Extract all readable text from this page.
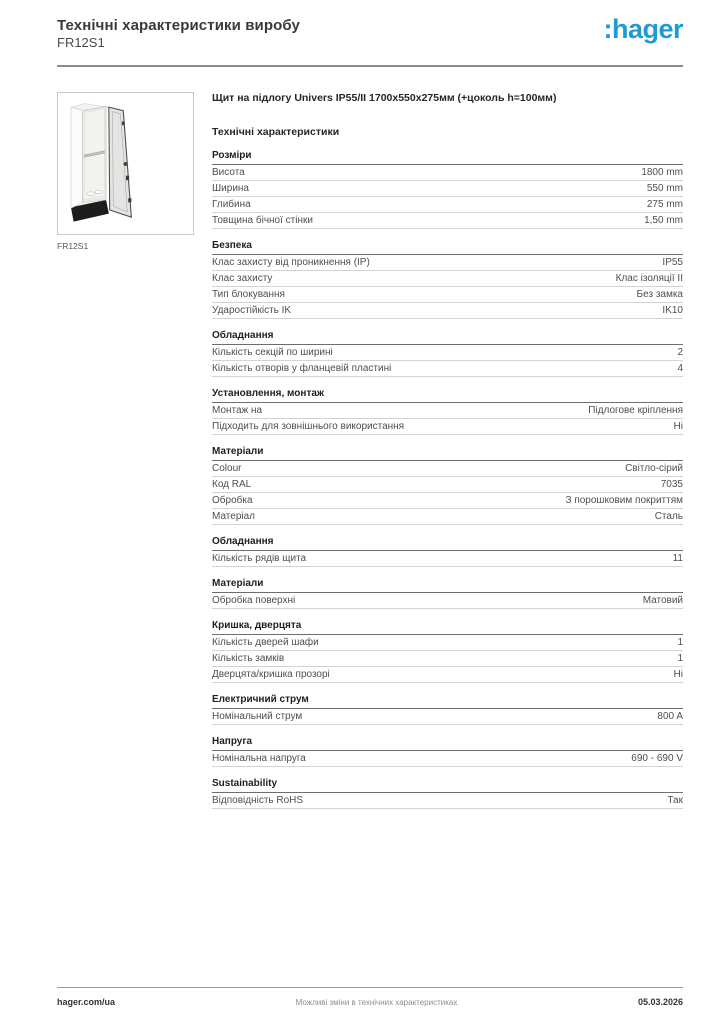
Технічні характеристики виробу
FR12S1	:hager
FR12S1
Щит на підлогу Univers IP55/II 1700x550x275мм (+цоколь h=100мм)
Технічні характеристики
Розміри
Висота	1800 mm
Ширина	550 mm
Глибина	275 mm
Товщина бічної стінки	1,50 mm
Безпека
Клас захисту від проникнення (IP)	IP55
Клас захисту	Клас ізоляції II
Тип блокування	Без замка
Ударостійкість IK	IK10
Обладнання
Кількість секцій по ширині	2
Кількість отворів у фланцевій пластині	4
Установлення, монтаж
Монтаж на	Підлогове кріплення
Підходить для зовнішнього використання	Ні
Матеріали
Colour	Світло-сірий
Код RAL	7035
Обробка	З порошковим покриттям
Матеріал	Сталь
Обладнання
Кількість рядів щита	11
Матеріали
Обробка поверхні	Матовий
Кришка, дверцята
Кількість дверей шафи	1
Кількість замків	1
Дверцята/кришка прозорі	Ні
Електричний струм
Номінальний струм	800 A
Напруга
Номінальна напруга	690 - 690 V
Sustainability
Відповідність RoHS	Так
hager.com/ua	Можливі зміни в технічних характеристиках	05.03.2026
